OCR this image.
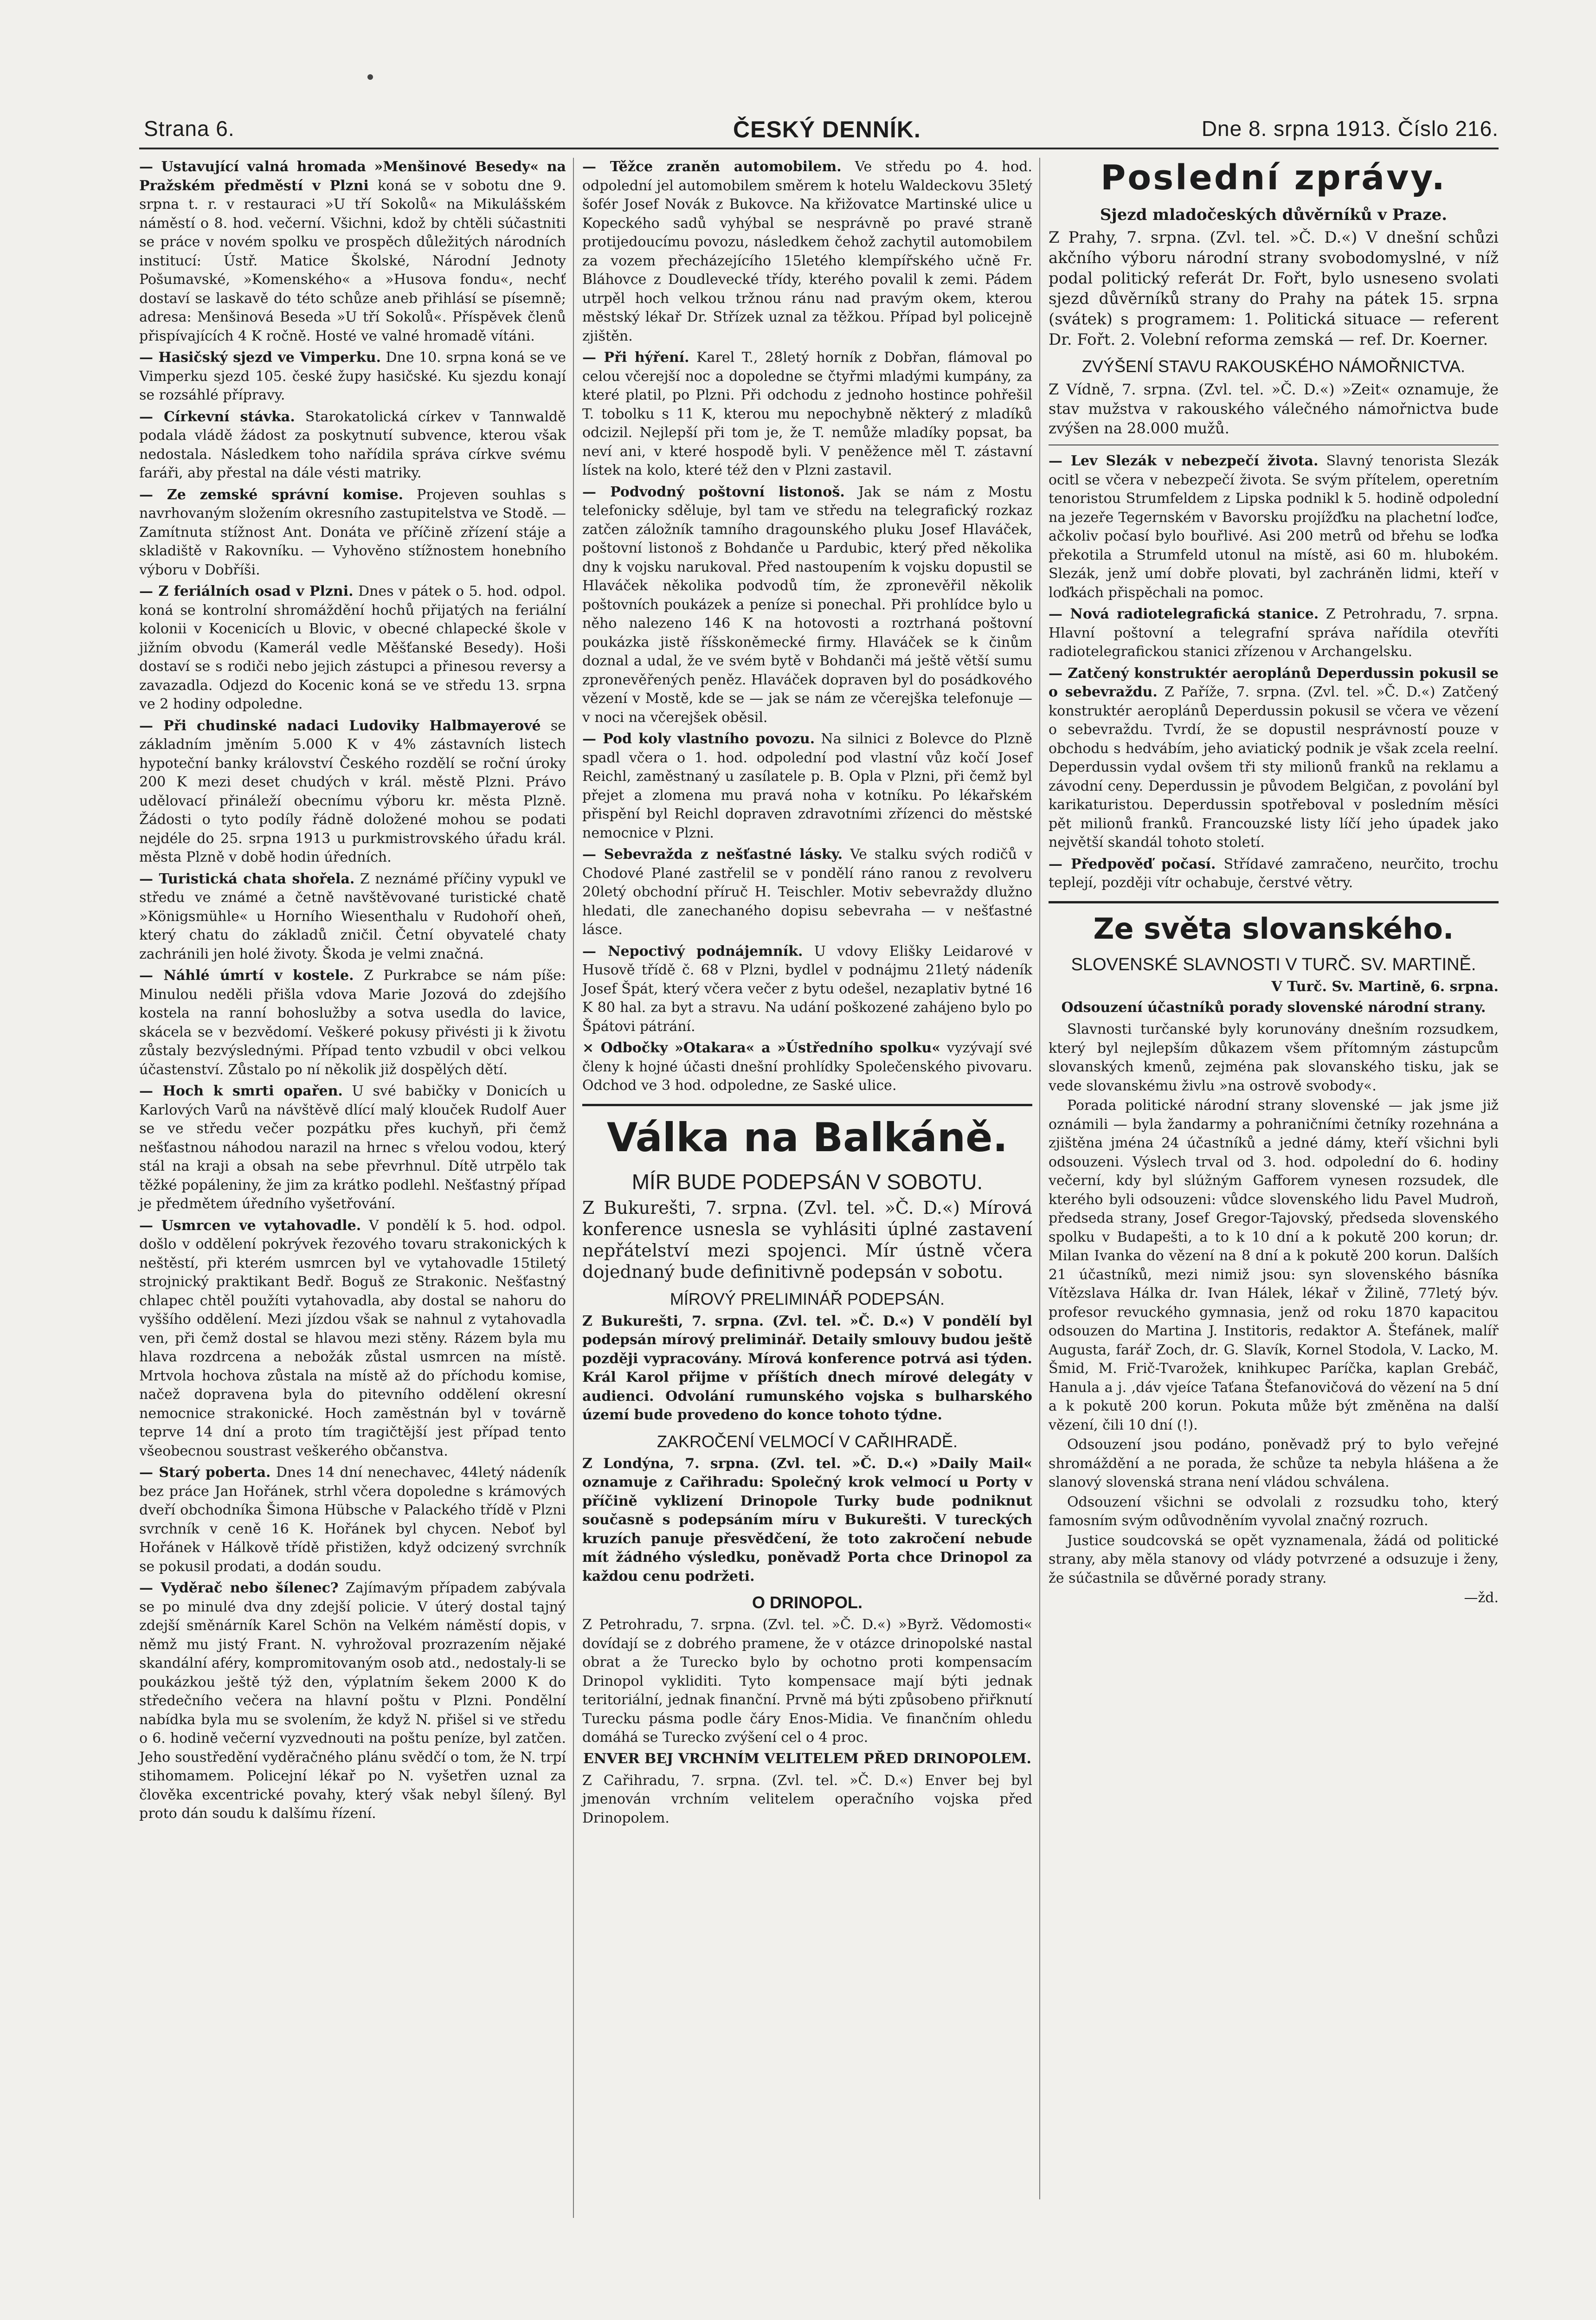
Strana 6.	ČESKÝ DENNÍK.	Dne 8. srpna 1913. Číslo 216.

— Ustavující valná hromada »Menšinové Besedy« na Pražském předměstí v Plzni koná se v sobotu dne 9. srpna t. r. v restauraci »U tří Sokolů« na Mikulášském náměstí o 8. hod. večerní. Všichni, kdož by chtěli súčastniti se práce v novém spolku ve prospěch důležitých národních institucí: Ústř. Matice Školské, Národní Jednoty Pošumavské, »Komenského« a »Husova fondu«, nechť dostaví se laskavě do této schůze aneb přihlásí se písemně; adresa: Menšinová Beseda »U tří Sokolů«. Příspěvek členů přispívajících 4 K ročně. Hosté ve valné hromadě vítáni.

— Hasičský sjezd ve Vimperku. Dne 10. srpna koná se ve Vimperku sjezd 105. české župy hasičské. Ku sjezdu konají se rozsáhlé přípravy.

— Církevní stávka. Starokatolická církev v Tannwaldě podala vládě žádost za poskytnutí subvence, kterou však nedostala. Následkem toho nařídila správa církve svému faráři, aby přestal na dále vésti matriky.

— Ze zemské správní komise. Projeven souhlas s navrhovaným složením okresního zastupitelstva ve Stodě. — Zamítnuta stížnost Ant. Donáta ve příčině zřízení stáje a skladiště v Rakovníku. — Vyhověno stížnostem honebního výboru v Dobříši.

— Z feriálních osad v Plzni. Dnes v pátek o 5. hod. odpol. koná se kontrolní shromáždění hochů přijatých na feriální kolonii v Kocenicích u Blovic, v obecné chlapecké škole v jižním obvodu (Kamerál vedle Měšťanské Besedy). Hoši dostaví se s rodiči nebo jejich zástupci a přinesou reversy a zavazadla. Odjezd do Kocenic koná se ve středu 13. srpna ve 2 hodiny odpoledne.

— Při chudinské nadaci Ludoviky Halbmayerové se základním jměním 5.000 K v 4% zástavních listech hypoteční banky království Českého rozdělí se roční úroky 200 K mezi deset chudých v král. městě Plzni. Právo udělovací přináleží obecnímu výboru kr. města Plzně. Žádosti o tyto podíly řádně doložené mohou se podati nejdéle do 25. srpna 1913 u purkmistrovského úřadu král. města Plzně v době hodin úředních.

— Turistická chata shořela. Z neznámé příčiny vypukl ve středu ve známé a četně navštěvované turistické chatě »Königsmühle« u Horního Wiesenthalu v Rudohoří oheň, který chatu do základů zničil. Četní obyvatelé chaty zachránili jen holé životy. Škoda je velmi značná.

— Náhlé úmrtí v kostele. Z Purkrabce se nám píše: Minulou neděli přišla vdova Marie Jozová do zdejšího kostela na ranní bohoslužby a sotva usedla do lavice, skácela se v bezvědomí. Veškeré pokusy přivésti ji k životu zůstaly bezvýslednými. Případ tento vzbudil v obci velkou účastenství. Zůstalo po ní několik již dospělých dětí.

— Hoch k smrti opařen. U své babičky v Donicích u Karlových Varů na návštěvě dlící malý klouček Rudolf Auer se ve středu večer pozpátku přes kuchyň, při čemž nešťastnou náhodou narazil na hrnec s vřelou vodou, který stál na kraji a obsah na sebe převrhnul. Dítě utrpělo tak těžké popáleniny, že jim za krátko podlehl. Nešťastný případ je předmětem úředního vyšetřování.

— Usmrcen ve vytahovadle. V pondělí k 5. hod. odpol. došlo v oddělení pokrývek řezového tovaru strakonických k neštěstí, při kterém usmrcen byl ve vytahovadle 15tiletý strojnický praktikant Bedř. Boguš ze Strakonic. Nešťastný chlapec chtěl použíti vytahovadla, aby dostal se nahoru do vyššího oddělení. Mezi jízdou však se nahnul z vytahovadla ven, při čemž dostal se hlavou mezi stěny. Rázem byla mu hlava rozdrcena a nebožák zůstal usmrcen na místě. Mrtvola hochova zůstala na místě až do příchodu komise, načež dopravena byla do pitevního oddělení okresní nemocnice strakonické. Hoch zaměstnán byl v továrně teprve 14 dní a proto tím tragičtější jest případ tento všeobecnou soustrast veškerého občanstva.

— Starý poberta. Dnes 14 dní nenechavec, 44letý nádeník bez práce Jan Hořánek, strhl včera dopoledne s krámových dveří obchodníka Šimona Hübsche v Palackého třídě v Plzni svrchník v ceně 16 K. Hořánek byl chycen. Neboť byl Hořánek v Hálkově třídě přistižen, když odcizený svrchník se pokusil prodati, a dodán soudu.

— Vyděrač nebo šílenec? Zajímavým případem zabývala se po minulé dva dny zdejší policie. V úterý dostal tajný zdejší směnárník Karel Schön na Velkém náměstí dopis, v němž mu jistý Frant. N. vyhrožoval prozrazením nějaké skandální aféry, kompromitovaným osob atd., nedostaly-li se poukázkou ještě týž den, výplatním šekem 2000 K do středečního večera na hlavní poštu v Plzni. Pondělní nabídka byla mu se svolením, že když N. přišel si ve středu o 6. hodině večerní vyzvednouti na poštu peníze, byl zatčen. Jeho soustředění vyděračného plánu svědčí o tom, že N. trpí stihomamem. Policejní lékař po N. vyšetřen uznal za člověka excentrické povahy, který však nebyl šílený. Byl proto dán soudu k dalšímu řízení.

— Těžce zraněn automobilem. Ve středu po 4. hod. odpolední jel automobilem směrem k hotelu Waldeckovu 35letý šofér Josef Novák z Bukovce. Na křižovatce Martinské ulice u Kopeckého sadů vyhýbal se nesprávně po pravé straně protijedoucímu povozu, následkem čehož zachytil automobilem za vozem přecházejícího 15letého klempířského učně Fr. Bláhovce z Doudlevecké třídy, kterého povalil k zemi. Pádem utrpěl hoch velkou tržnou ránu nad pravým okem, kterou městský lékař Dr. Střízek uznal za těžkou. Případ byl policejně zjištěn.

— Při hýření. Karel T., 28letý horník z Dobřan, flámoval po celou včerejší noc a dopoledne se čtyřmi mladými kumpány, za které platil, po Plzni. Při odchodu z jednoho hostince pohřešil T. tobolku s 11 K, kterou mu nepochybně některý z mladíků odcizil. Nejlepší při tom je, že T. nemůže mladíky popsat, ba neví ani, v které hospodě byli. V peněžence měl T. zástavní lístek na kolo, které též den v Plzni zastavil.

— Podvodný poštovní listonoš. Jak se nám z Mostu telefonicky sděluje, byl tam ve středu na telegrafický rozkaz zatčen záložník tamního dragounského pluku Josef Hlaváček, poštovní listonoš z Bohdanče u Pardubic, který před několika dny k vojsku narukoval. Před nastoupením k vojsku dopustil se Hlaváček několika podvodů tím, že zpronevěřil několik poštovních poukázek a peníze si ponechal. Při prohlídce bylo u něho nalezeno 146 K na hotovosti a roztrhaná poštovní poukázka jistě říšskoněmecké firmy. Hlaváček se k činům doznal a udal, že ve svém bytě v Bohdanči má ještě větší sumu zpronevěřených peněz. Hlaváček dopraven byl do posádkového vězení v Mostě, kde se — jak se nám ze včerejška telefonuje — v noci na včerejšek oběsil.

— Pod koly vlastního povozu. Na silnici z Bolevce do Plzně spadl včera o 1. hod. odpolední pod vlastní vůz kočí Josef Reichl, zaměstnaný u zasílatele p. B. Opla v Plzni, při čemž byl přejet a zlomena mu pravá noha v kotníku. Po lékařském přispění byl Reichl dopraven zdravotními zřízenci do městské nemocnice v Plzni.

— Sebevražda z nešťastné lásky. Ve stalku svých rodičů v Chodové Plané zastřelil se v pondělí ráno ranou z revolveru 20letý obchodní příruč H. Teischler. Motiv sebevraždy dlužno hledati, dle zanechaného dopisu sebevraha — v nešťastné lásce.

— Nepoctivý podnájemník. U vdovy Elišky Leidarové v Husově třídě č. 68 v Plzni, bydlel v podnájmu 21letý nádeník Josef Špát, který včera večer z bytu odešel, nezaplativ bytné 16 K 80 hal. za byt a stravu. Na udání poškozené zahájeno bylo po Špátovi pátrání.

× Odbočky »Otakara« a »Ústředního spolku« vyzývají své členy k hojné účasti dnešní prohlídky Společenského pivovaru. Odchod ve 3 hod. odpoledne, ze Saské ulice.

Válka na Balkáně.
MÍR BUDE PODEPSÁN V SOBOTU.

Z Bukurešti, 7. srpna. (Zvl. tel. »Č. D.«) Mírová konference usnesla se vyhlásiti úplné zastavení nepřátelství mezi spojenci. Mír ústně včera dojednaný bude definitivně podepsán v sobotu.

MÍROVÝ PRELIMINÁŘ PODEPSÁN.

Z Bukurešti, 7. srpna. (Zvl. tel. »Č. D.«) V pondělí byl podepsán mírový preliminář. Detaily smlouvy budou ještě později vypracovány. Mírová konference potrvá asi týden. Král Karol přijme v příštích dnech mírové delegáty v audienci. Odvolání rumunského vojska s bulharského území bude provedeno do konce tohoto týdne.

ZAKROČENÍ VELMOCÍ V CAŘIHRADĚ.

Z Londýna, 7. srpna. (Zvl. tel. »Č. D.«) »Daily Mail« oznamuje z Cařihradu: Společný krok velmocí u Porty v příčině vyklizení Drinopole Turky bude podniknut současně s podepsáním míru v Bukurešti. V tureckých kruzích panuje přesvědčení, že toto zakročení nebude mít žádného výsledku, poněvadž Porta chce Drinopol za každou cenu podržeti.

O DRINOPOL.

Z Petrohradu, 7. srpna. (Zvl. tel. »Č. D.«) »Byrž. Vědomosti« dovídají se z dobrého pramene, že v otázce drinopolské nastal obrat a že Turecko bylo by ochotno proti kompensacím Drinopol vykliditi. Tyto kompensace mají býti jednak teritoriální, jednak finanční. Prvně má býti způsobeno přiřknutí Turecku pásma podle čáry Enos-Midia. Ve finančním ohledu domáhá se Turecko zvýšení cel o 4 proc.

ENVER BEJ VRCHNÍM VELITELEM PŘED DRINOPOLEM.

Z Cařihradu, 7. srpna. (Zvl. tel. »Č. D.«) Enver bej byl jmenován vrchním velitelem operačního vojska před Drinopolem.

Poslední zprávy.
Sjezd mladočeských důvěrníků v Praze.

Z Prahy, 7. srpna. (Zvl. tel. »Č. D.«) V dnešní schůzi akčního výboru národní strany svobodomyslné, v níž podal politický referát Dr. Fořt, bylo usneseno svolati sjezd důvěrníků strany do Prahy na pátek 15. srpna (svátek) s programem: 1. Politická situace — referent Dr. Fořt. 2. Volební reforma zemská — ref. Dr. Koerner.

ZVÝŠENÍ STAVU RAKOUSKÉHO NÁMOŘNICTVA.

Z Vídně, 7. srpna. (Zvl. tel. »Č. D.«) »Zeit« oznamuje, že stav mužstva v rakouského válečného námořnictva bude zvýšen na 28.000 mužů.

— Lev Slezák v nebezpečí života. Slavný tenorista Slezák ocitl se včera v nebezpečí života. Se svým přítelem, operetním tenoristou Strumfeldem z Lipska podnikl k 5. hodině odpolední na jezeře Tegernském v Bavorsku projížďku na plachetní loďce, ačkoliv počasí bylo bouřlivé. Asi 200 metrů od břehu se loďka překotila a Strumfeld utonul na místě, asi 60 m. hlubokém. Slezák, jenž umí dobře plovati, byl zachráněn lidmi, kteří v loďkách přispěchali na pomoc.

— Nová radiotelegrafická stanice. Z Petrohradu, 7. srpna. Hlavní poštovní a telegrafní správa nařídila otevříti radiotelegrafickou stanici zřízenou v Archangelsku.

— Zatčený konstruktér aeroplánů Deperdussin pokusil se o sebevraždu. Z Paříže, 7. srpna. (Zvl. tel. »Č. D.«) Zatčený konstruktér aeroplánů Deperdussin pokusil se včera ve vězení o sebevraždu. Tvrdí, že se dopustil nesprávností pouze v obchodu s hedvábím, jeho aviatický podnik je však zcela reelní. Deperdussin vydal ovšem tři sty milionů franků na reklamu a závodní ceny. Deperdussin je původem Belgičan, z povolání byl karikaturistou. Deperdussin spotřeboval v posledním měsíci pět milionů franků. Francouzské listy líčí jeho úpadek jako největší skandál tohoto století.

— Předpověď počasí. Střídavé zamračeno, neurčito, trochu teplejí, později vítr ochabuje, čerstvé větry.

Ze světa slovanského.
SLOVENSKÉ SLAVNOSTI V TURČ. SV. MARTINĚ.

V Turč. Sv. Martině, 6. srpna.

Odsouzení účastníků porady slovenské národní strany.

Slavnosti turčanské byly korunovány dnešním rozsudkem, který byl nejlepším důkazem všem přítomným zástupcům slovanských kmenů, zejména pak slovanského tisku, jak se vede slovanskému živlu »na ostrově svobody«.

Porada politické národní strany slovenské — jak jsme již oznámili — byla žandarmy a pohraničními četníky rozehnána a zjištěna jména 24 účastníků a jedné dámy, kteří všichni byli odsouzeni. Výslech trval od 3. hod. odpolední do 6. hodiny večerní, kdy byl slúžným Gafforem vynesen rozsudek, dle kterého byli odsouzeni: vůdce slovenského lidu Pavel Mudroň, předseda strany, Josef Gregor-Tajovský, předseda slovenského spolku v Budapešti, a to k 10 dní a k pokutě 200 korun; dr. Milan Ivanka do vězení na 8 dní a k pokutě 200 korun. Dalších 21 účastníků, mezi nimiž jsou: syn slovenského básníka Vítězslava Hálka dr. Ivan Hálek, lékař v Žilině, 77letý býv. profesor revuckého gymnasia, jenž od roku 1870 kapacitou odsouzen do Martina J. Institoris, redaktor A. Štefánek, malíř Augusta, farář Zoch, dr. G. Slavík, Kornel Stodola, V. Lacko, M. Šmid, M. Frič-Tvarožek, knihkupec Paríčka, kaplan Grebáč, Hanula a j. ,dáv vjeíce Taťana Štefanovičová do vězení na 5 dní a k pokutě 200 korun. Pokuta může být změněna na další vězení, čili 10 dní (!).

Odsouzení jsou podáno, poněvadž prý to bylo veřejné shromáždění a ne porada, že schůze ta nebyla hlášena a že slanový slovenská strana není vládou schválena.

Odsouzení všichni se odvolali z rozsudku toho, který famosním svým odůvodněním vyvolal značný rozruch.

Justice soudcovská se opět vyznamenala, žádá od politické strany, aby měla stanovy od vlády potvrzené a odsuzuje i ženy, že súčastnila se důvěrné porady strany.

—žd.
